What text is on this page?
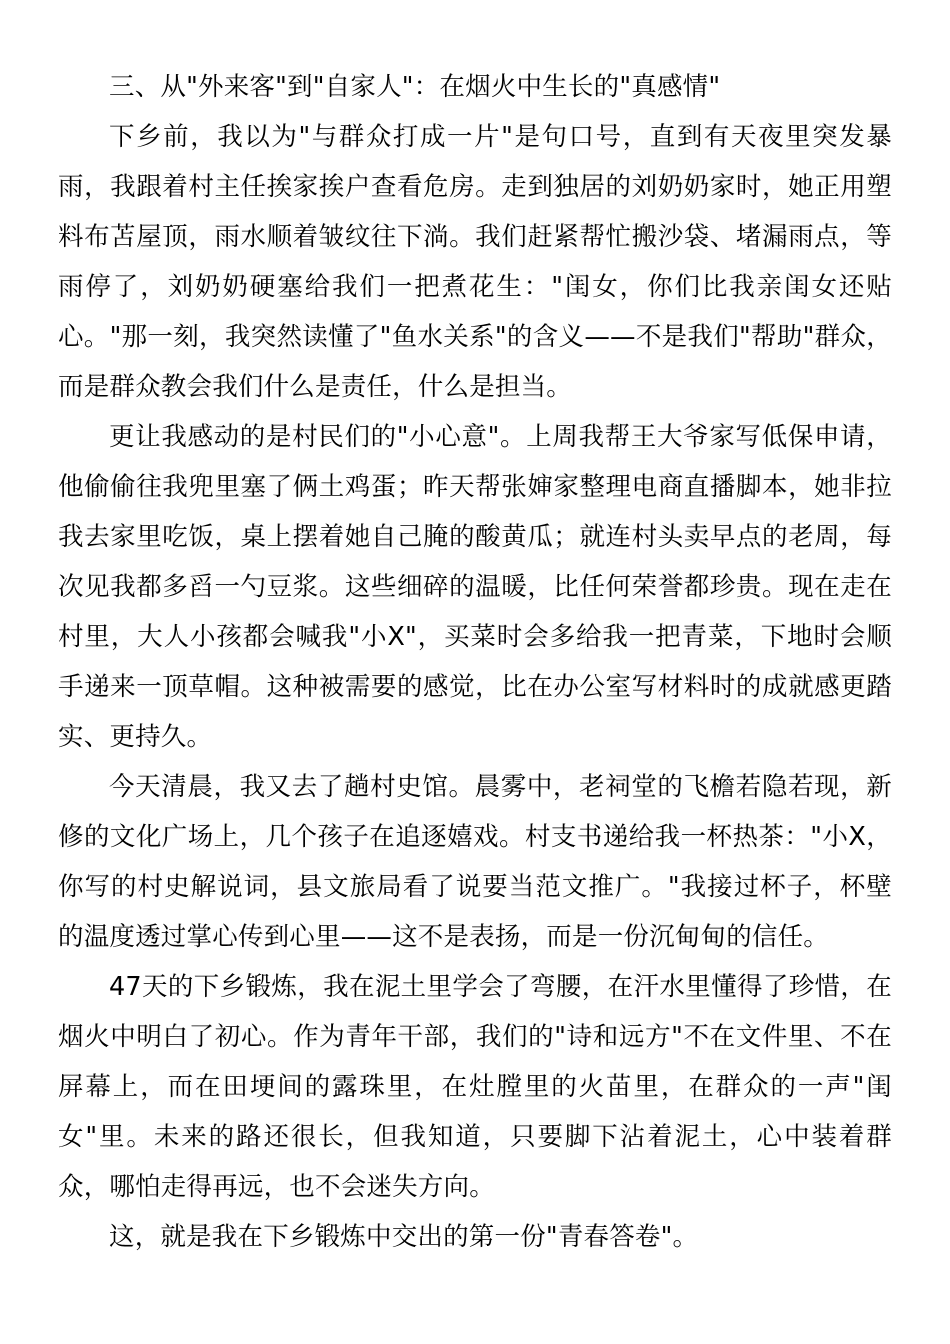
三、从"外来客"到"自家人"：在烟火中生长的"真感情"

下乡前，我以为"与群众打成一片"是句口号，直到有天夜里突发暴雨，我跟着村主任挨家挨户查看危房。走到独居的刘奶奶家时，她正用塑料布苫屋顶，雨水顺着皱纹往下淌。我们赶紧帮忙搬沙袋、堵漏雨点，等雨停了，刘奶奶硬塞给我们一把煮花生："闺女，你们比我亲闺女还贴心。"那一刻，我突然读懂了"鱼水关系"的含义——不是我们"帮助"群众，而是群众教会我们什么是责任，什么是担当。

更让我感动的是村民们的"小心意"。上周我帮王大爷家写低保申请，他偷偷往我兜里塞了俩土鸡蛋；昨天帮张婶家整理电商直播脚本，她非拉我去家里吃饭，桌上摆着她自己腌的酸黄瓜；就连村头卖早点的老周，每次见我都多舀一勺豆浆。这些细碎的温暖，比任何荣誉都珍贵。现在走在村里，大人小孩都会喊我"小X"，买菜时会多给我一把青菜，下地时会顺手递来一顶草帽。这种被需要的感觉，比在办公室写材料时的成就感更踏实、更持久。

今天清晨，我又去了趟村史馆。晨雾中，老祠堂的飞檐若隐若现，新修的文化广场上，几个孩子在追逐嬉戏。村支书递给我一杯热茶："小X，你写的村史解说词，县文旅局看了说要当范文推广。"我接过杯子，杯壁的温度透过掌心传到心里——这不是表扬，而是一份沉甸甸的信任。

47天的下乡锻炼，我在泥土里学会了弯腰，在汗水里懂得了珍惜，在烟火中明白了初心。作为青年干部，我们的"诗和远方"不在文件里、不在屏幕上，而在田埂间的露珠里，在灶膛里的火苗里，在群众的一声"闺女"里。未来的路还很长，但我知道，只要脚下沾着泥土，心中装着群众，哪怕走得再远，也不会迷失方向。

这，就是我在下乡锻炼中交出的第一份"青春答卷"。
